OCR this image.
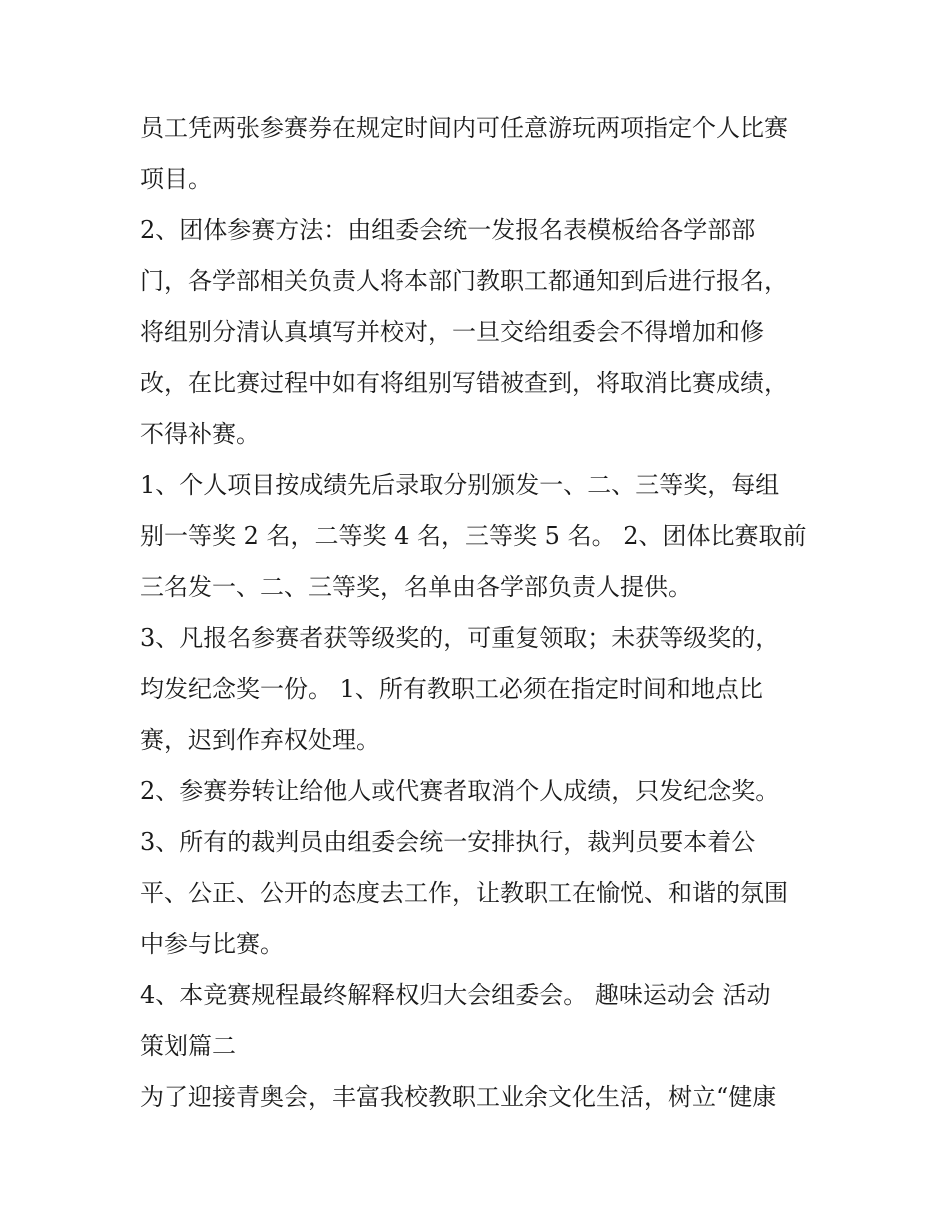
员工凭两张参赛券在规定时间内可任意游玩两项指定个人比赛
项目。
2、团体参赛方法：由组委会统一发报名表模板给各学部部
门，各学部相关负责人将本部门教职工都通知到后进行报名，
将组别分清认真填写并校对，一旦交给组委会不得增加和修
改，在比赛过程中如有将组别写错被查到，将取消比赛成绩，
不得补赛。
1、个人项目按成绩先后录取分别颁发一、二、三等奖，每组
别一等奖 2 名，二等奖 4 名，三等奖 5 名。 2、团体比赛取前
三名发一、二、三等奖，名单由各学部负责人提供。
3、凡报名参赛者获等级奖的，可重复领取；未获等级奖的，
均发纪念奖一份。 1、所有教职工必须在指定时间和地点比
赛，迟到作弃权处理。
2、参赛券转让给他人或代赛者取消个人成绩，只发纪念奖。
3、所有的裁判员由组委会统一安排执行，裁判员要本着公
平、公正、公开的态度去工作，让教职工在愉悦、和谐的氛围
中参与比赛。
4、本竞赛规程最终解释权归大会组委会。 趣味运动会 活动
策划篇二
为了迎接青奥会，丰富我校教职工业余文化生活，树立“健康
